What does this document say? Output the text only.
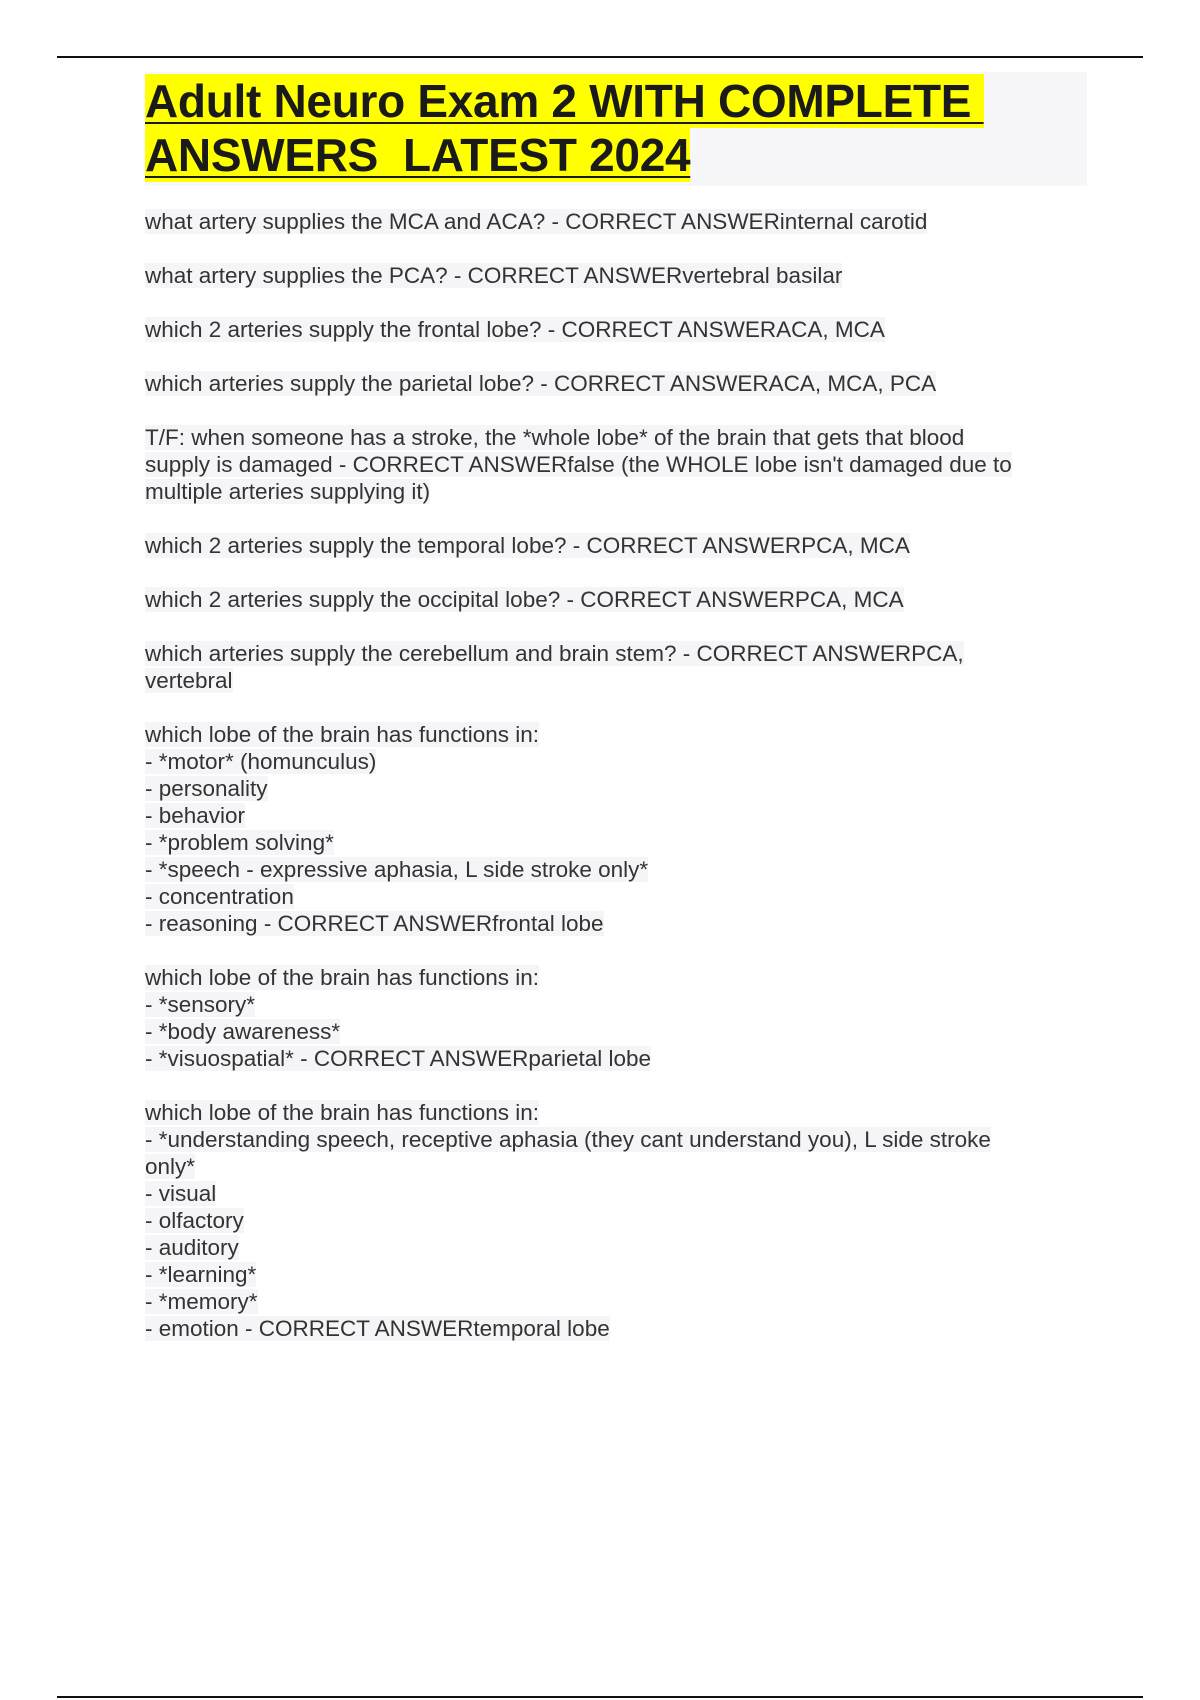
Adult Neuro Exam 2 WITH COMPLETE
ANSWERS  LATEST 2024
what artery supplies the MCA and ACA? - CORRECT ANSWERinternal carotid
what artery supplies the PCA? - CORRECT ANSWERvertebral basilar
which 2 arteries supply the frontal lobe? - CORRECT ANSWERACA, MCA
which arteries supply the parietal lobe? - CORRECT ANSWERACA, MCA, PCA
T/F: when someone has a stroke, the *whole lobe* of the brain that gets that blood
supply is damaged - CORRECT ANSWERfalse (the WHOLE lobe isn't damaged due to
multiple arteries supplying it)
which 2 arteries supply the temporal lobe? - CORRECT ANSWERPCA, MCA
which 2 arteries supply the occipital lobe? - CORRECT ANSWERPCA, MCA
which arteries supply the cerebellum and brain stem? - CORRECT ANSWERPCA,
vertebral
which lobe of the brain has functions in:
- *motor* (homunculus)
- personality
- behavior
- *problem solving*
- *speech - expressive aphasia, L side stroke only*
- concentration
- reasoning - CORRECT ANSWERfrontal lobe
which lobe of the brain has functions in:
- *sensory*
- *body awareness*
- *visuospatial* - CORRECT ANSWERparietal lobe
which lobe of the brain has functions in:
- *understanding speech, receptive aphasia (they cant understand you), L side stroke
only*
- visual
- olfactory
- auditory
- *learning*
- *memory*
- emotion - CORRECT ANSWERtemporal lobe
